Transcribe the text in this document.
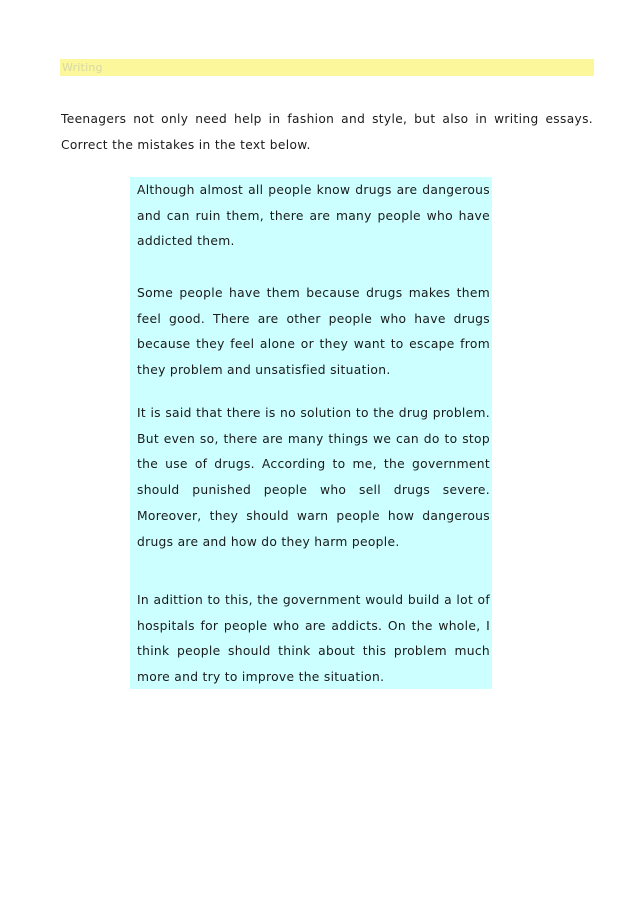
Writing

Teenagers not only need help in fashion and style, but also in writing essays. Correct the mistakes in the text below.

Although almost all people know drugs are dangerous and can ruin them, there are many people who have addicted them.

Some people have them because drugs makes them feel good. There are other people who have drugs because they feel alone or they want to escape from they problem and unsatisfied situation.

It is said that there is no solution to the drug problem. But even so, there are many things we can do to stop the use of drugs. According to me, the government should punished people who sell drugs severe. Moreover, they should warn people how dangerous drugs are and how do they harm people.

In adittion to this, the government would build a lot of hospitals for people who are addicts. On the whole, I think people should think about this problem much more and try to improve the situation.
